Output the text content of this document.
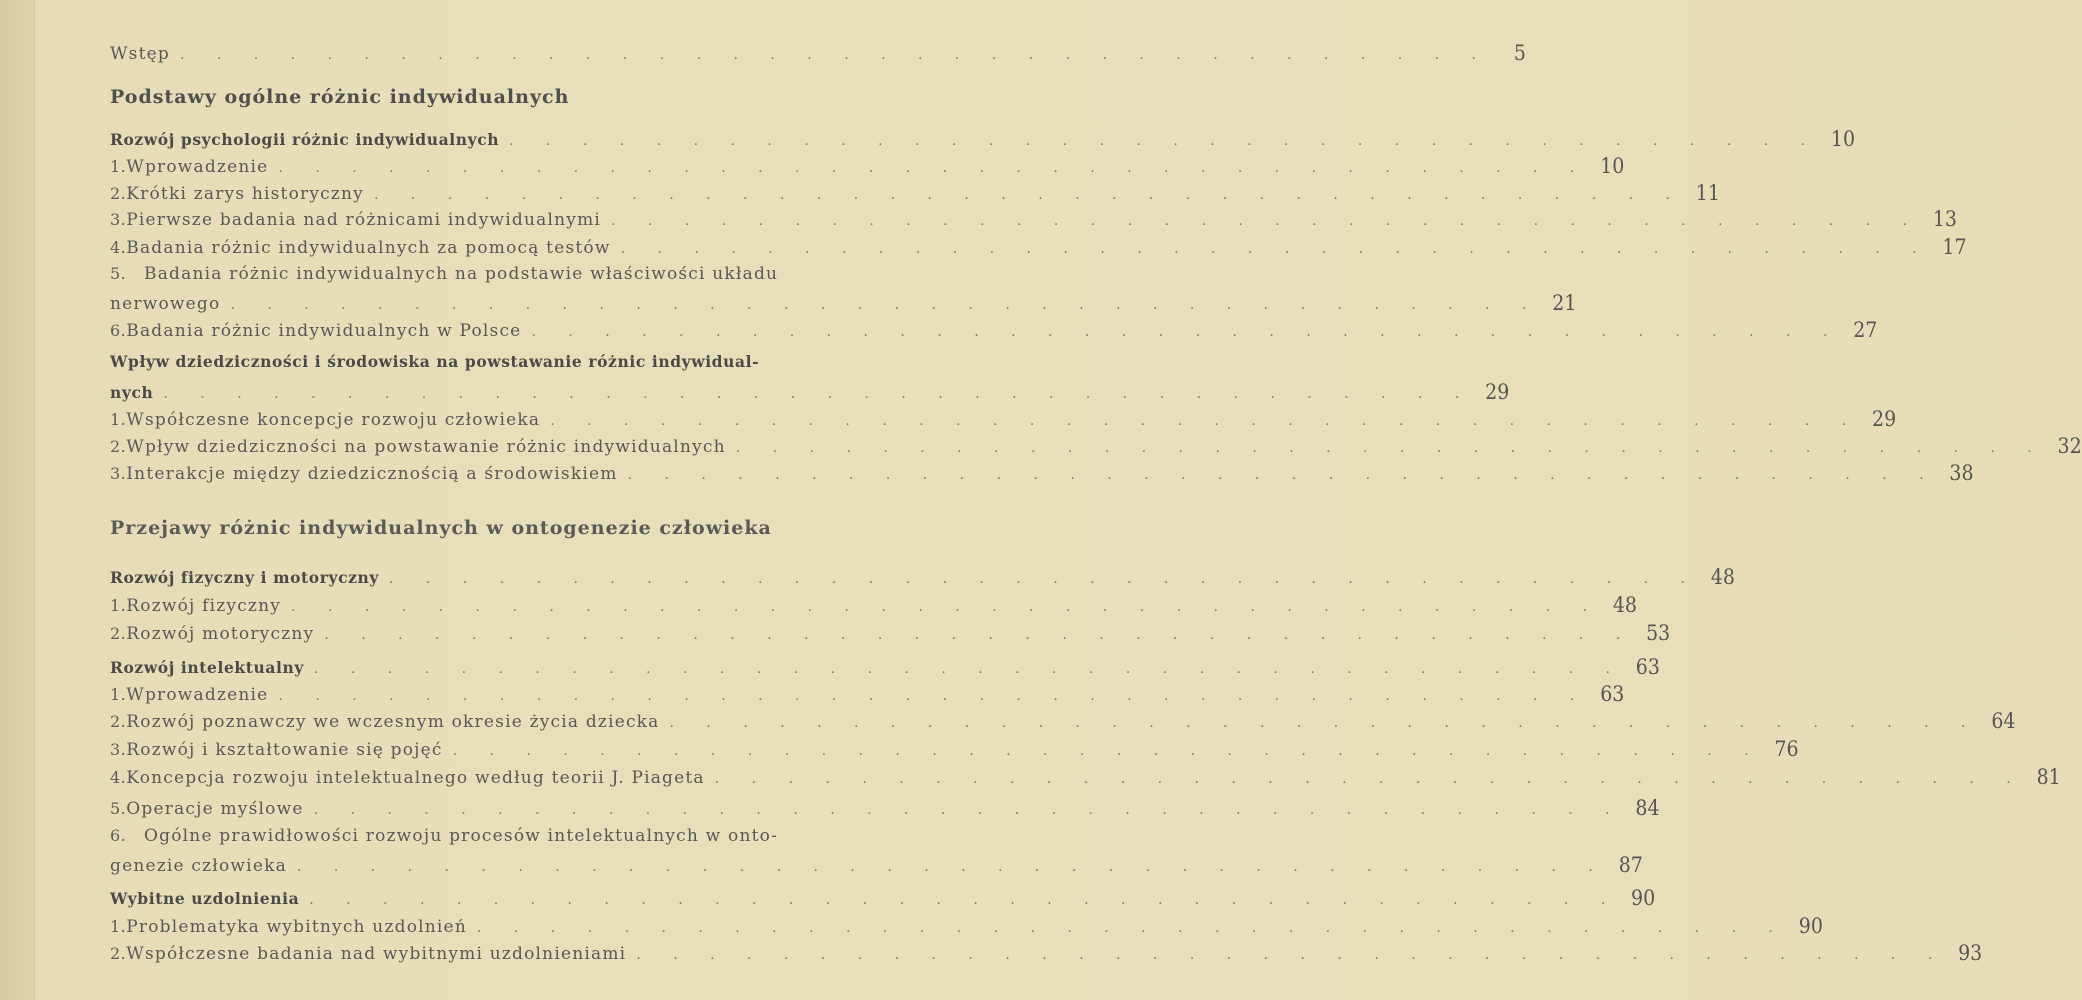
Wstęp . . . . . . . . . . . . . . . . . . . . . . . . . . . . . . . . . . . .	5
Podstawy ogólne różnic indywidualnych
Rozwój psychologii różnic indywidualnych . . . . . . . . . . . . . . . . . . . . . . . . . . . . . . . . . . . . 10
1. Wprowadzenie . . . . . . . . . . . . . . . . . . . . . . . . . . . . . . . . . . . . 10
2. Krótki zarys historyczny . . . . . . . . . . . . . . . . . . . . . . . . . . . . . . . . . . . . 11
3. Pierwsze badania nad różnicami indywidualnymi . . . . . . . . . . . . . . . . . . . . . . . . . . . . . . . . . . . . 13
4. Badania różnic indywidualnych za pomocą testów . . . . . . . . . . . . . . . . . . . . . . . . . . . . . . . . . . . . 17
5.	Badania różnic indywidualnych na podstawie właściwości układu
nerwowego . . . . . . . . . . . . . . . . . . . . . . . . . . . . . . . . . . . . 21
6. Badania różnic indywidualnych w Polsce . . . . . . . . . . . . . . . . . . . . . . . . . . . . . . . . . . . . 27
Wpływ dziedziczności i środowiska na powstawanie różnic indywidual-
nych . . . . . . . . . . . . . . . . . . . . . . . . . . . . . . . . . . . . 29
1. Współczesne koncepcje rozwoju człowieka . . . . . . . . . . . . . . . . . . . . . . . . . . . . . . . . . . . . 29
2. Wpływ dziedziczności na powstawanie różnic indywidualnych . . . . . . . . . . . . . . . . . . . . . . . . . . . . . . . . . . . . 32
3. Interakcje między dziedzicznością a środowiskiem . . . . . . . . . . . . . . . . . . . . . . . . . . . . . . . . . . . . 38
Przejawy różnic indywidualnych w ontogenezie człowieka
Rozwój fizyczny i motoryczny . . . . . . . . . . . . . . . . . . . . . . . . . . . . . . . . . . . . 48
1. Rozwój fizyczny . . . . . . . . . . . . . . . . . . . . . . . . . . . . . . . . . . . . 48
2. Rozwój motoryczny . . . . . . . . . . . . . . . . . . . . . . . . . . . . . . . . . . . . 53
Rozwój intelektualny . . . . . . . . . . . . . . . . . . . . . . . . . . . . . . . . . . . . 63
1. Wprowadzenie . . . . . . . . . . . . . . . . . . . . . . . . . . . . . . . . . . . . 63
2. Rozwój poznawczy we wczesnym okresie życia dziecka . . . . . . . . . . . . . . . . . . . . . . . . . . . . . . . . . . . . 64
3. Rozwój i kształtowanie się pojęć . . . . . . . . . . . . . . . . . . . . . . . . . . . . . . . . . . . . 76
4. Koncepcja rozwoju intelektualnego według teorii J. Piageta . . . . . . . . . . . . . . . . . . . . . . . . . . . . . . . . . . . . 81
5. Operacje myślowe . . . . . . . . . . . . . . . . . . . . . . . . . . . . . . . . . . . . 84
6.	Ogólne prawidłowości rozwoju procesów intelektualnych w onto-
genezie człowieka . . . . . . . . . . . . . . . . . . . . . . . . . . . . . . . . . . . . 87
Wybitne uzdolnienia . . . . . . . . . . . . . . . . . . . . . . . . . . . . . . . . . . . . 90
1. Problematyka wybitnych uzdolnień . . . . . . . . . . . . . . . . . . . . . . . . . . . . . . . . . . . . 90
2. Współczesne badania nad wybitnymi uzdolnieniami . . . . . . . . . . . . . . . . . . . . . . . . . . . . . . . . . . . . 93
